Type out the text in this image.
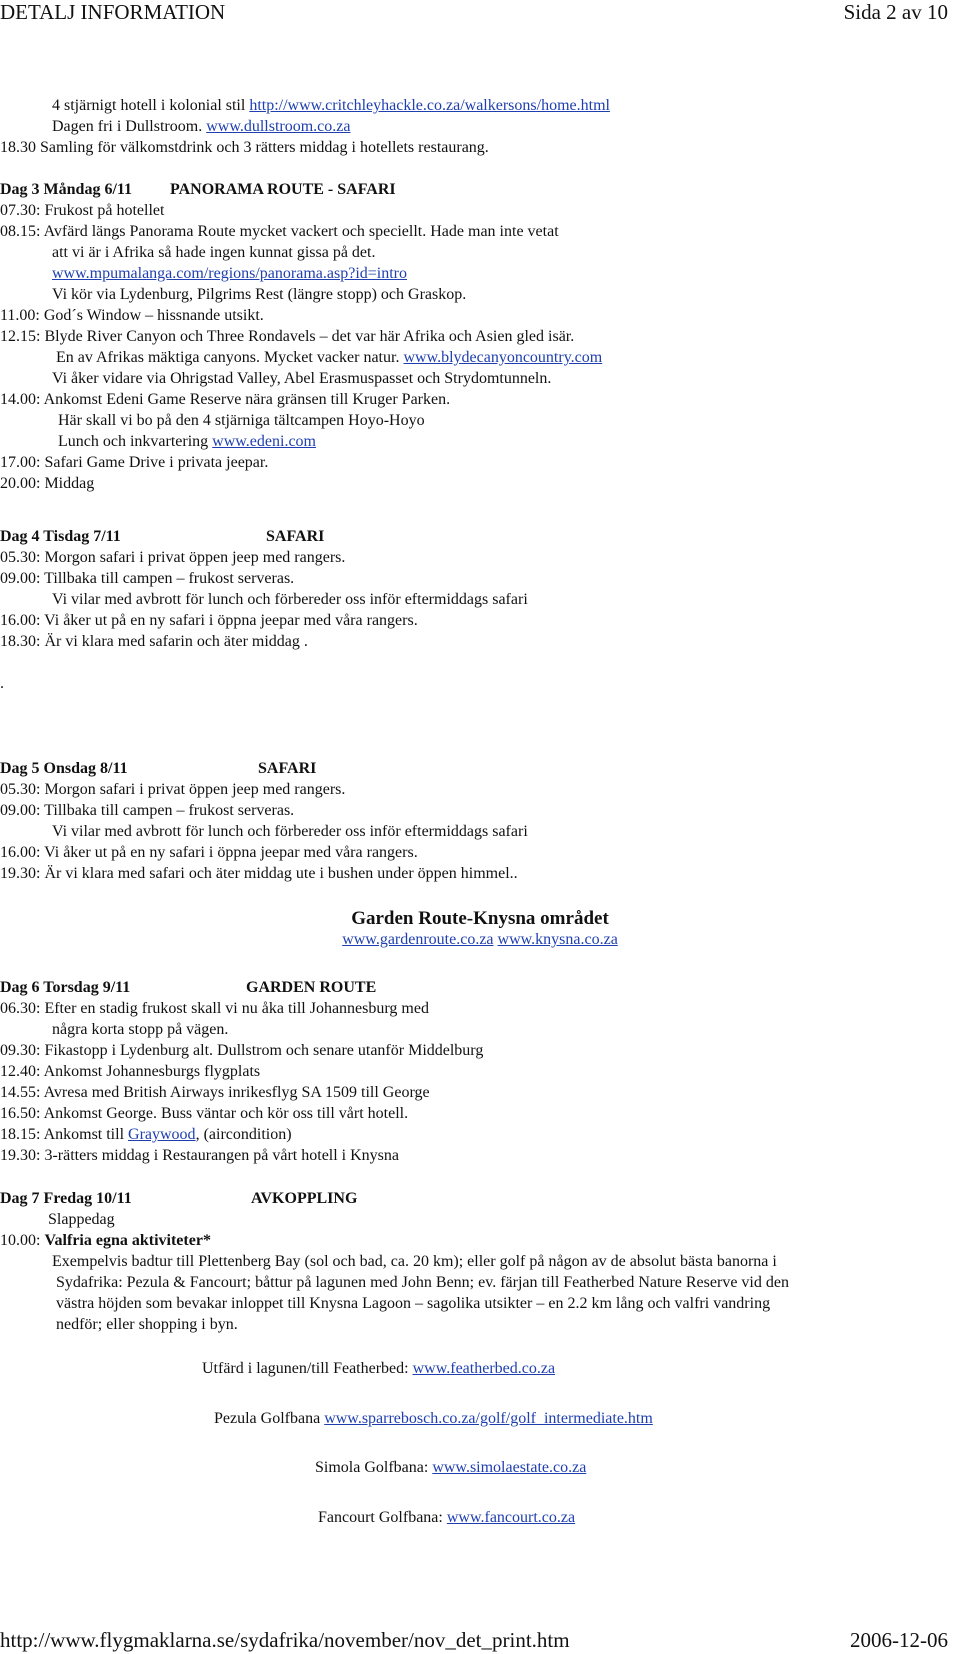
DETALJ INFORMATION	Sida 2 av 10
4 stjärnigt hotell i kolonial stil http://www.critchleyhackle.co.za/walkersons/home.html
Dagen fri i Dullstroom. www.dullstroom.co.za
18.30 Samling för välkomstdrink och 3 rätters middag i hotellets restaurang.
Dag 3 Måndag 6/11 PANORAMA ROUTE - SAFARI
07.30: Frukost på hotellet
08.15: Avfärd längs Panorama Route mycket vackert och speciellt. Hade man inte vetat
att vi är i Afrika så hade ingen kunnat gissa på det.
www.mpumalanga.com/regions/panorama.asp?id=intro
Vi kör via Lydenburg, Pilgrims Rest (längre stopp) och Graskop.
11.00: God´s Window – hissnande utsikt.
12.15: Blyde River Canyon och Three Rondavels – det var här Afrika och Asien gled isär.
En av Afrikas mäktiga canyons. Mycket vacker natur. www.blydecanyoncountry.com
Vi åker vidare via Ohrigstad Valley, Abel Erasmuspasset och Strydomtunneln.
14.00: Ankomst Edeni Game Reserve nära gränsen till Kruger Parken.
Här skall vi bo på den 4 stjärniga tältcampen Hoyo-Hoyo
Lunch och inkvartering www.edeni.com
17.00: Safari Game Drive i privata jeepar.
20.00: Middag
Dag 4 Tisdag 7/11	SAFARI
05.30: Morgon safari i privat öppen jeep med rangers.
09.00: Tillbaka till campen – frukost serveras.
Vi vilar med avbrott för lunch och förbereder oss inför eftermiddags safari
16.00: Vi åker ut på en ny safari i öppna jeepar med våra rangers.
18.30: Är vi klara med safarin och äter middag .
.
Dag 5 Onsdag 8/11	SAFARI
05.30: Morgon safari i privat öppen jeep med rangers.
09.00: Tillbaka till campen – frukost serveras.
Vi vilar med avbrott för lunch och förbereder oss inför eftermiddags safari
16.00: Vi åker ut på en ny safari i öppna jeepar med våra rangers.
19.30: Är vi klara med safari och äter middag ute i bushen under öppen himmel..
Garden Route-Knysna området
www.gardenroute.co.za www.knysna.co.za
Dag 6 Torsdag 9/11	GARDEN ROUTE
06.30: Efter en stadig frukost skall vi nu åka till Johannesburg med
några korta stopp på vägen.
09.30: Fikastopp i Lydenburg alt. Dullstrom och senare utanför Middelburg
12.40: Ankomst Johannesburgs flygplats
14.55: Avresa med British Airways inrikesflyg SA 1509 till George
16.50: Ankomst George. Buss väntar och kör oss till vårt hotell.
18.15: Ankomst till Graywood, (aircondition)
19.30: 3-rätters middag i Restaurangen på vårt hotell i Knysna
Dag 7 Fredag 10/11	AVKOPPLING
Slappedag
10.00: Valfria egna aktiviteter*
Exempelvis badtur till Plettenberg Bay (sol och bad, ca. 20 km); eller golf på någon av de absolut bästa banorna i
Sydafrika: Pezula & Fancourt; båttur på lagunen med John Benn; ev. färjan till Featherbed Nature Reserve vid den
västra höjden som bevakar inloppet till Knysna Lagoon – sagolika utsikter – en 2.2 km lång och valfri vandring
nedför; eller shopping i byn.
Utfärd i lagunen/till Featherbed: www.featherbed.co.za
Pezula Golfbana www.sparrebosch.co.za/golf/golf_intermediate.htm
Simola Golfbana: www.simolaestate.co.za
Fancourt Golfbana: www.fancourt.co.za
http://www.flygmaklarna.se/sydafrika/november/nov_det_print.htm	2006-12-06
